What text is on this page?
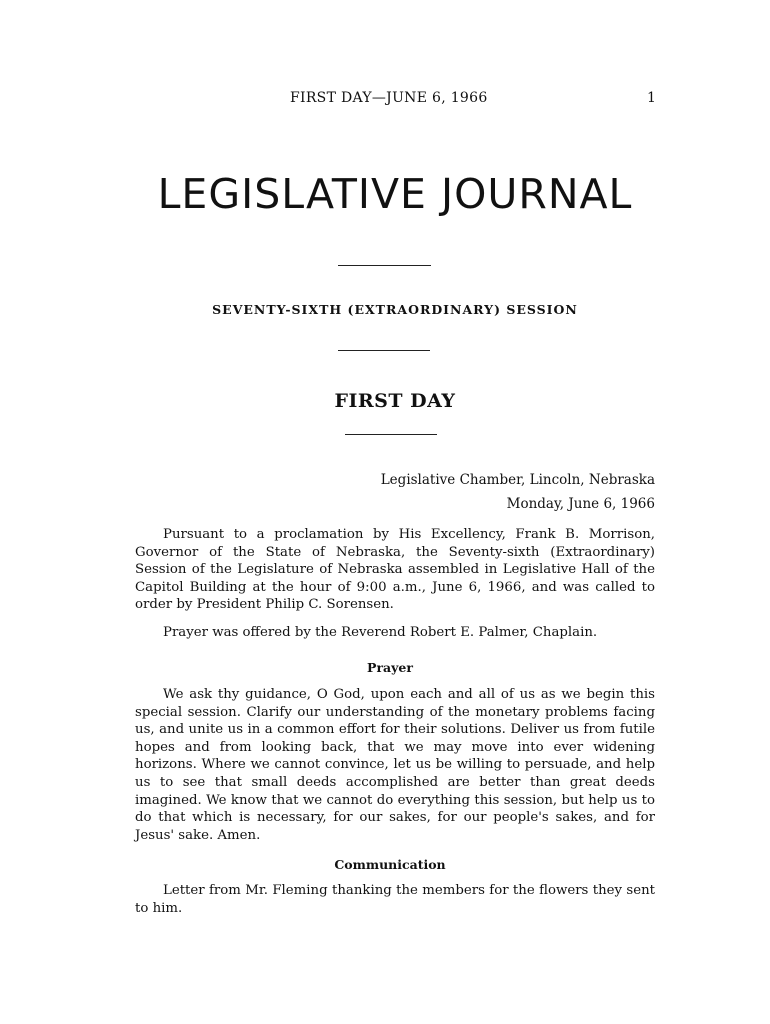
FIRST DAY—JUNE 6, 1966	1
LEGISLATIVE JOURNAL
SEVENTY-SIXTH (EXTRAORDINARY) SESSION
FIRST DAY
Legislative Chamber, Lincoln, Nebraska
Monday, June 6, 1966

Pursuant to a proclamation by His Excellency, Frank B. Morrison, Governor of the State of Nebraska, the Seventy-sixth (Extraordinary) Session of the Legislature of Nebraska assembled in Legislative Hall of the Capitol Building at the hour of 9:00 a.m., June 6, 1966, and was called to order by President Philip C. Sorensen.

Prayer was offered by the Reverend Robert E. Palmer, Chaplain.

Prayer

We ask thy guidance, O God, upon each and all of us as we begin this special session. Clarify our understanding of the monetary problems facing us, and unite us in a common effort for their solutions. Deliver us from futile hopes and from looking back, that we may move into ever widening horizons. Where we cannot convince, let us be willing to persuade, and help us to see that small deeds accomplished are better than great deeds imagined. We know that we cannot do everything this session, but help us to do that which is necessary, for our sakes, for our people's sakes, and for Jesus' sake. Amen.

Communication

Letter from Mr. Fleming thanking the members for the flowers they sent to him.
